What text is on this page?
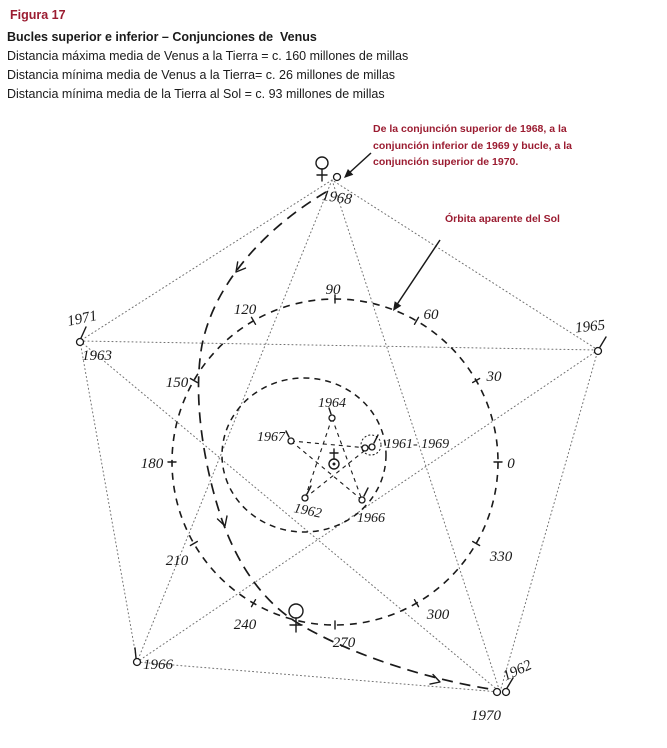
90
60
30
0
330
300
270
240
210
180
150
120
1968
1971
1963
1965
1966	1962
1970
1964
1967	1961- 1969
1962 1966
Figura 17
Bucles superior e inferior – Conjunciones de  Venus
Distancia máxima media de Venus a la Tierra = c. 160 millones de millas
Distancia mínima media de Venus a la Tierra= c. 26 millones de millas
Distancia mínima media de la Tierra al Sol = c. 93 millones de millas
De la conjunción superior de 1968, a la
conjunción inferior de 1969 y bucle, a la
conjunción superior de 1970.
Órbita aparente del Sol
